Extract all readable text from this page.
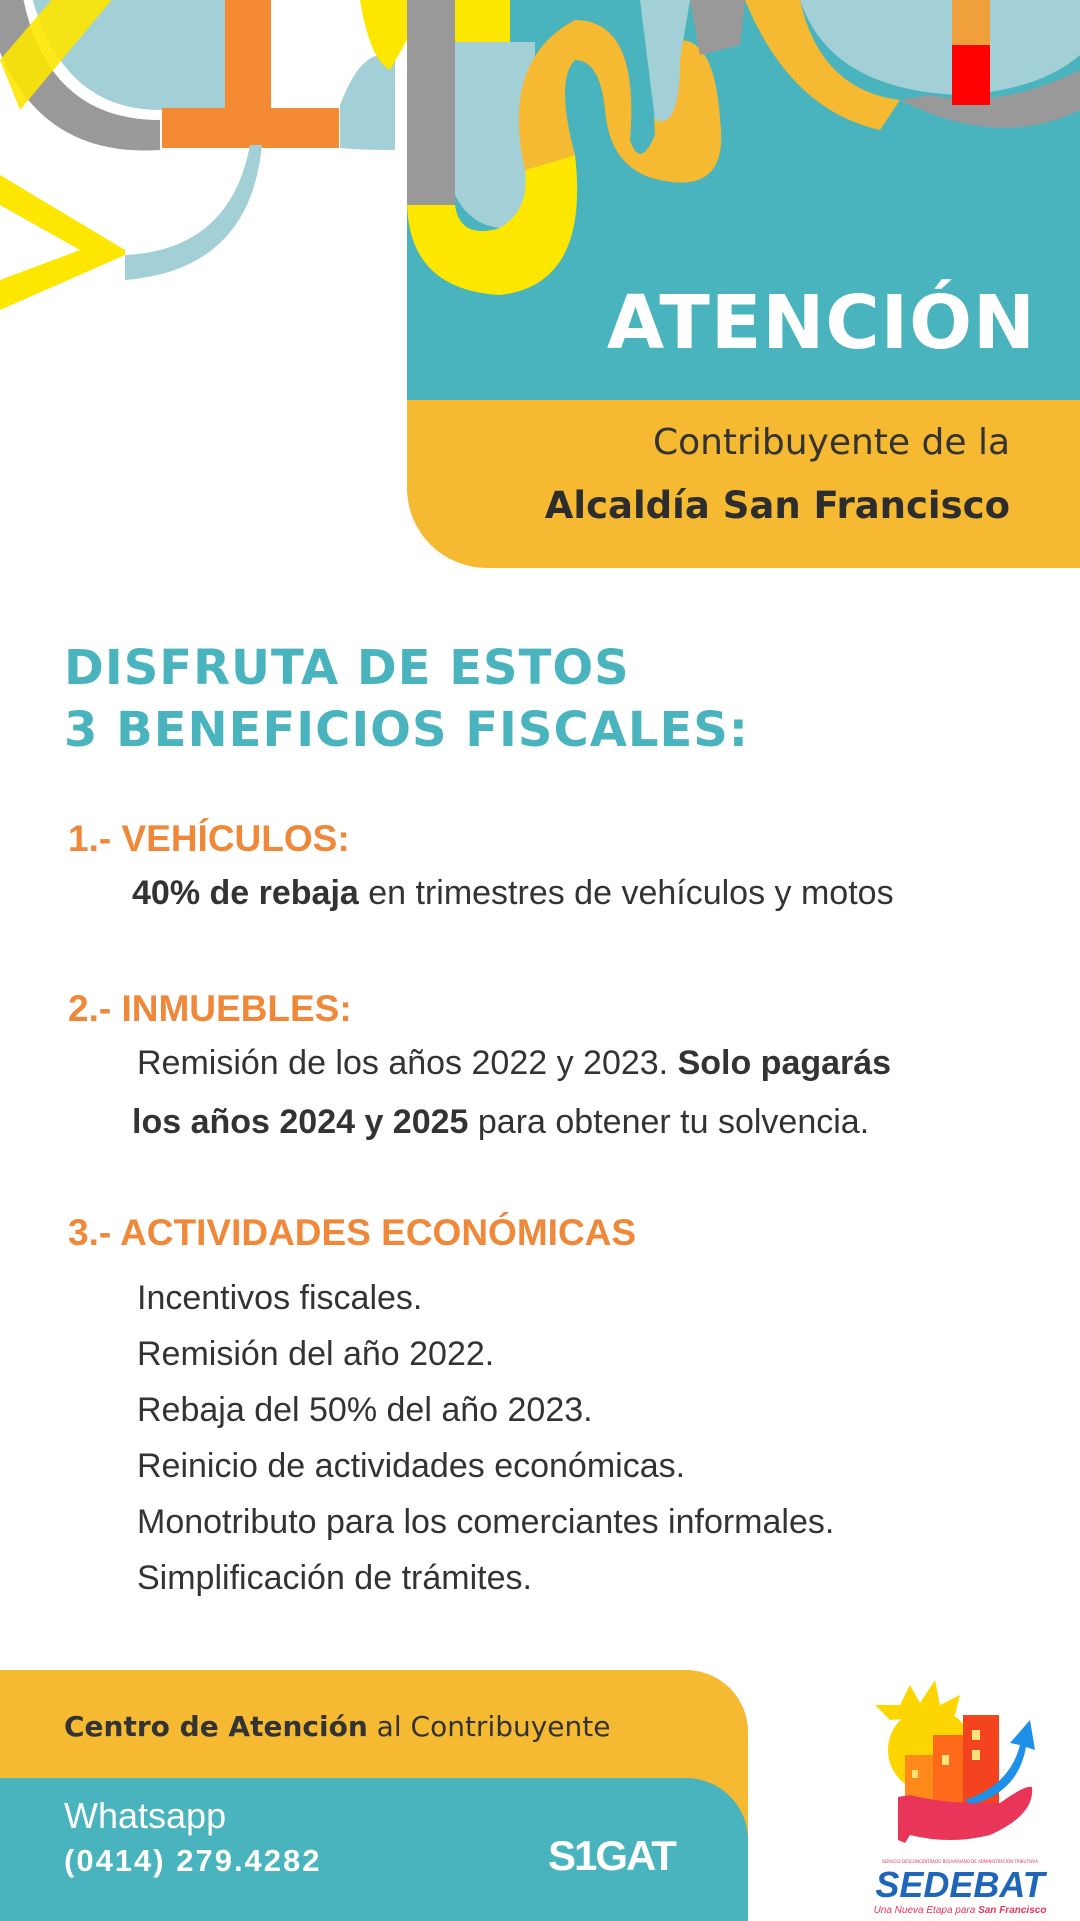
ATENCIÓN
Contribuyente de la
Alcaldía San Francisco
DISFRUTA DE ESTOS
3 BENEFICIOS FISCALES:
1.- VEHÍCULOS:
40% de rebaja en trimestres de vehículos y motos
2.- INMUEBLES:
Remisión de los años 2022 y 2023. Solo pagarás
los años 2024 y 2025 para obtener tu solvencia.
3.- ACTIVIDADES ECONÓMICAS
Incentivos fiscales.
Remisión del año 2022.
Rebaja del 50% del año 2023.
Reinicio de actividades económicas.
Monotributo para los comerciantes informales.
Simplificación de trámites.
Centro de Atención al Contribuyente
Whatsapp
(0414) 279.4282	S1GAT	SERVICIO DESCONCENTRADO BOLIVARIANO DE ADMINISTRACIÓN TRIBUTARIA
SEDEBAT
Una Nueva Etapa para San Francisco
